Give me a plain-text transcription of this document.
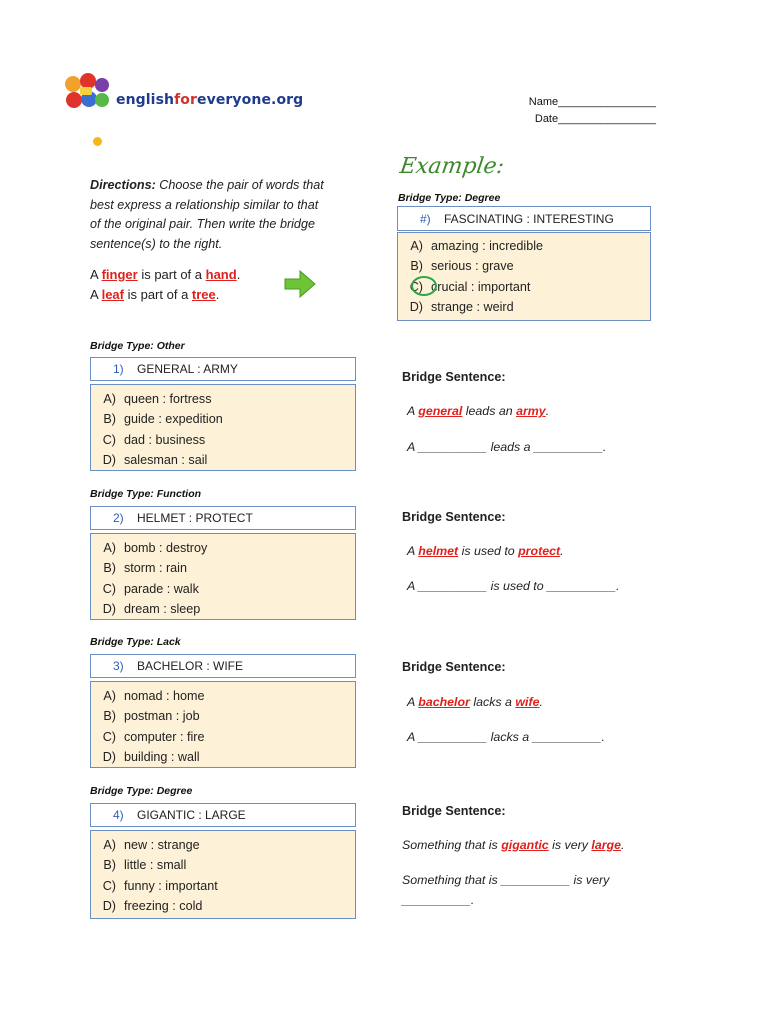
englishforeveryone.org	Name________________
Date________________
Directions: Choose the pair of words that
best express a relationship similar to that
of the original pair. Then write the bridge
sentence(s) to the right.
A finger is part of a hand.
A leaf is part of a tree.
Example:
Bridge Type: Degree
#)	FASCINATING : INTERESTING
A) amazing : incredible
B) serious : grave
C) crucial : important
D) strange : weird
Bridge Type: Other
1)	GENERAL : ARMY
A) queen : fortress
B) guide : expedition
C) dad : business
D) salesman : sail
Bridge Sentence:
A general leads an army.
A __________ leads a __________.
Bridge Type: Function
2)	HELMET : PROTECT
A) bomb : destroy
B) storm : rain
C) parade : walk
D) dream : sleep
Bridge Sentence:
A helmet is used to protect.
A __________ is used to __________.
Bridge Type: Lack
3)	BACHELOR : WIFE
A) nomad : home
B) postman : job
C) computer : fire
D) building : wall
Bridge Sentence:
A bachelor lacks a wife.
A __________ lacks a __________.
Bridge Type: Degree
4)	GIGANTIC : LARGE
A) new : strange
B) little : small
C) funny : important
D) freezing : cold
Bridge Sentence:
Something that is gigantic is very large.
Something that is __________ is very
__________.
